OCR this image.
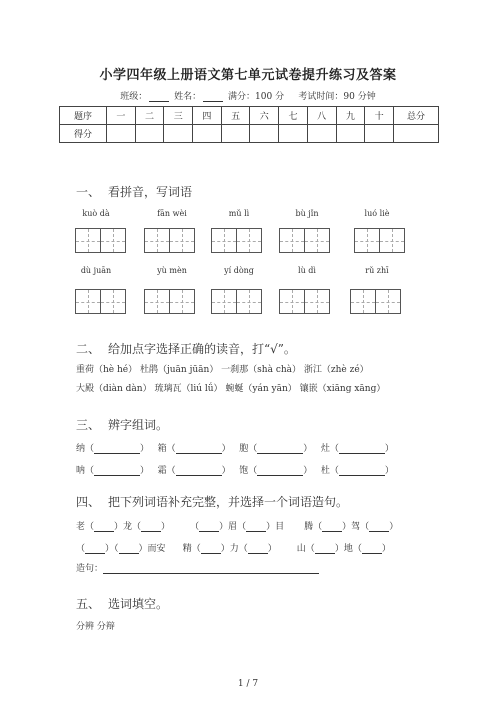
小学四年级上册语文第七单元试卷提升练习及答案
班级：	姓名：	满分：100 分 考试时间：90 分钟
题序	一	二	三	四	五	六	七	八	九	十	总分
得分											
一、 看拼音，写词语
kuò dà	fān wèi	mǔ lì	bù jǐn	luó liè
dù juān	yù mèn	yí dòng	lù dì	rǔ zhī
二、 给加点字选择正确的读音，打“√”。
重荷（hè hé） 杜鹃（juān jūān） 一刹那（shà chà） 浙江（zhè zé）
大殿（diàn dàn） 琉璃瓦（liú lǘ） 蜿蜒（yán yān） 镶嵌（xiāng xāng）
三、 辨字组词。
纳（	）   箱（	）   胞（	）   灶（	）
呐（	）   霜（	）   饱（	）   杜（	）
四、 把下列词语补充完整，并选择一个词语造句。
老（ ）龙（ ） （ ）眉（ ）目 腾（ ）驾（ ）
（ ）（ ）而安 精（ ）力（ ） 山（ ）地（ ）
造句：
五、 选词填空。
分辨 分辩
1 / 7
